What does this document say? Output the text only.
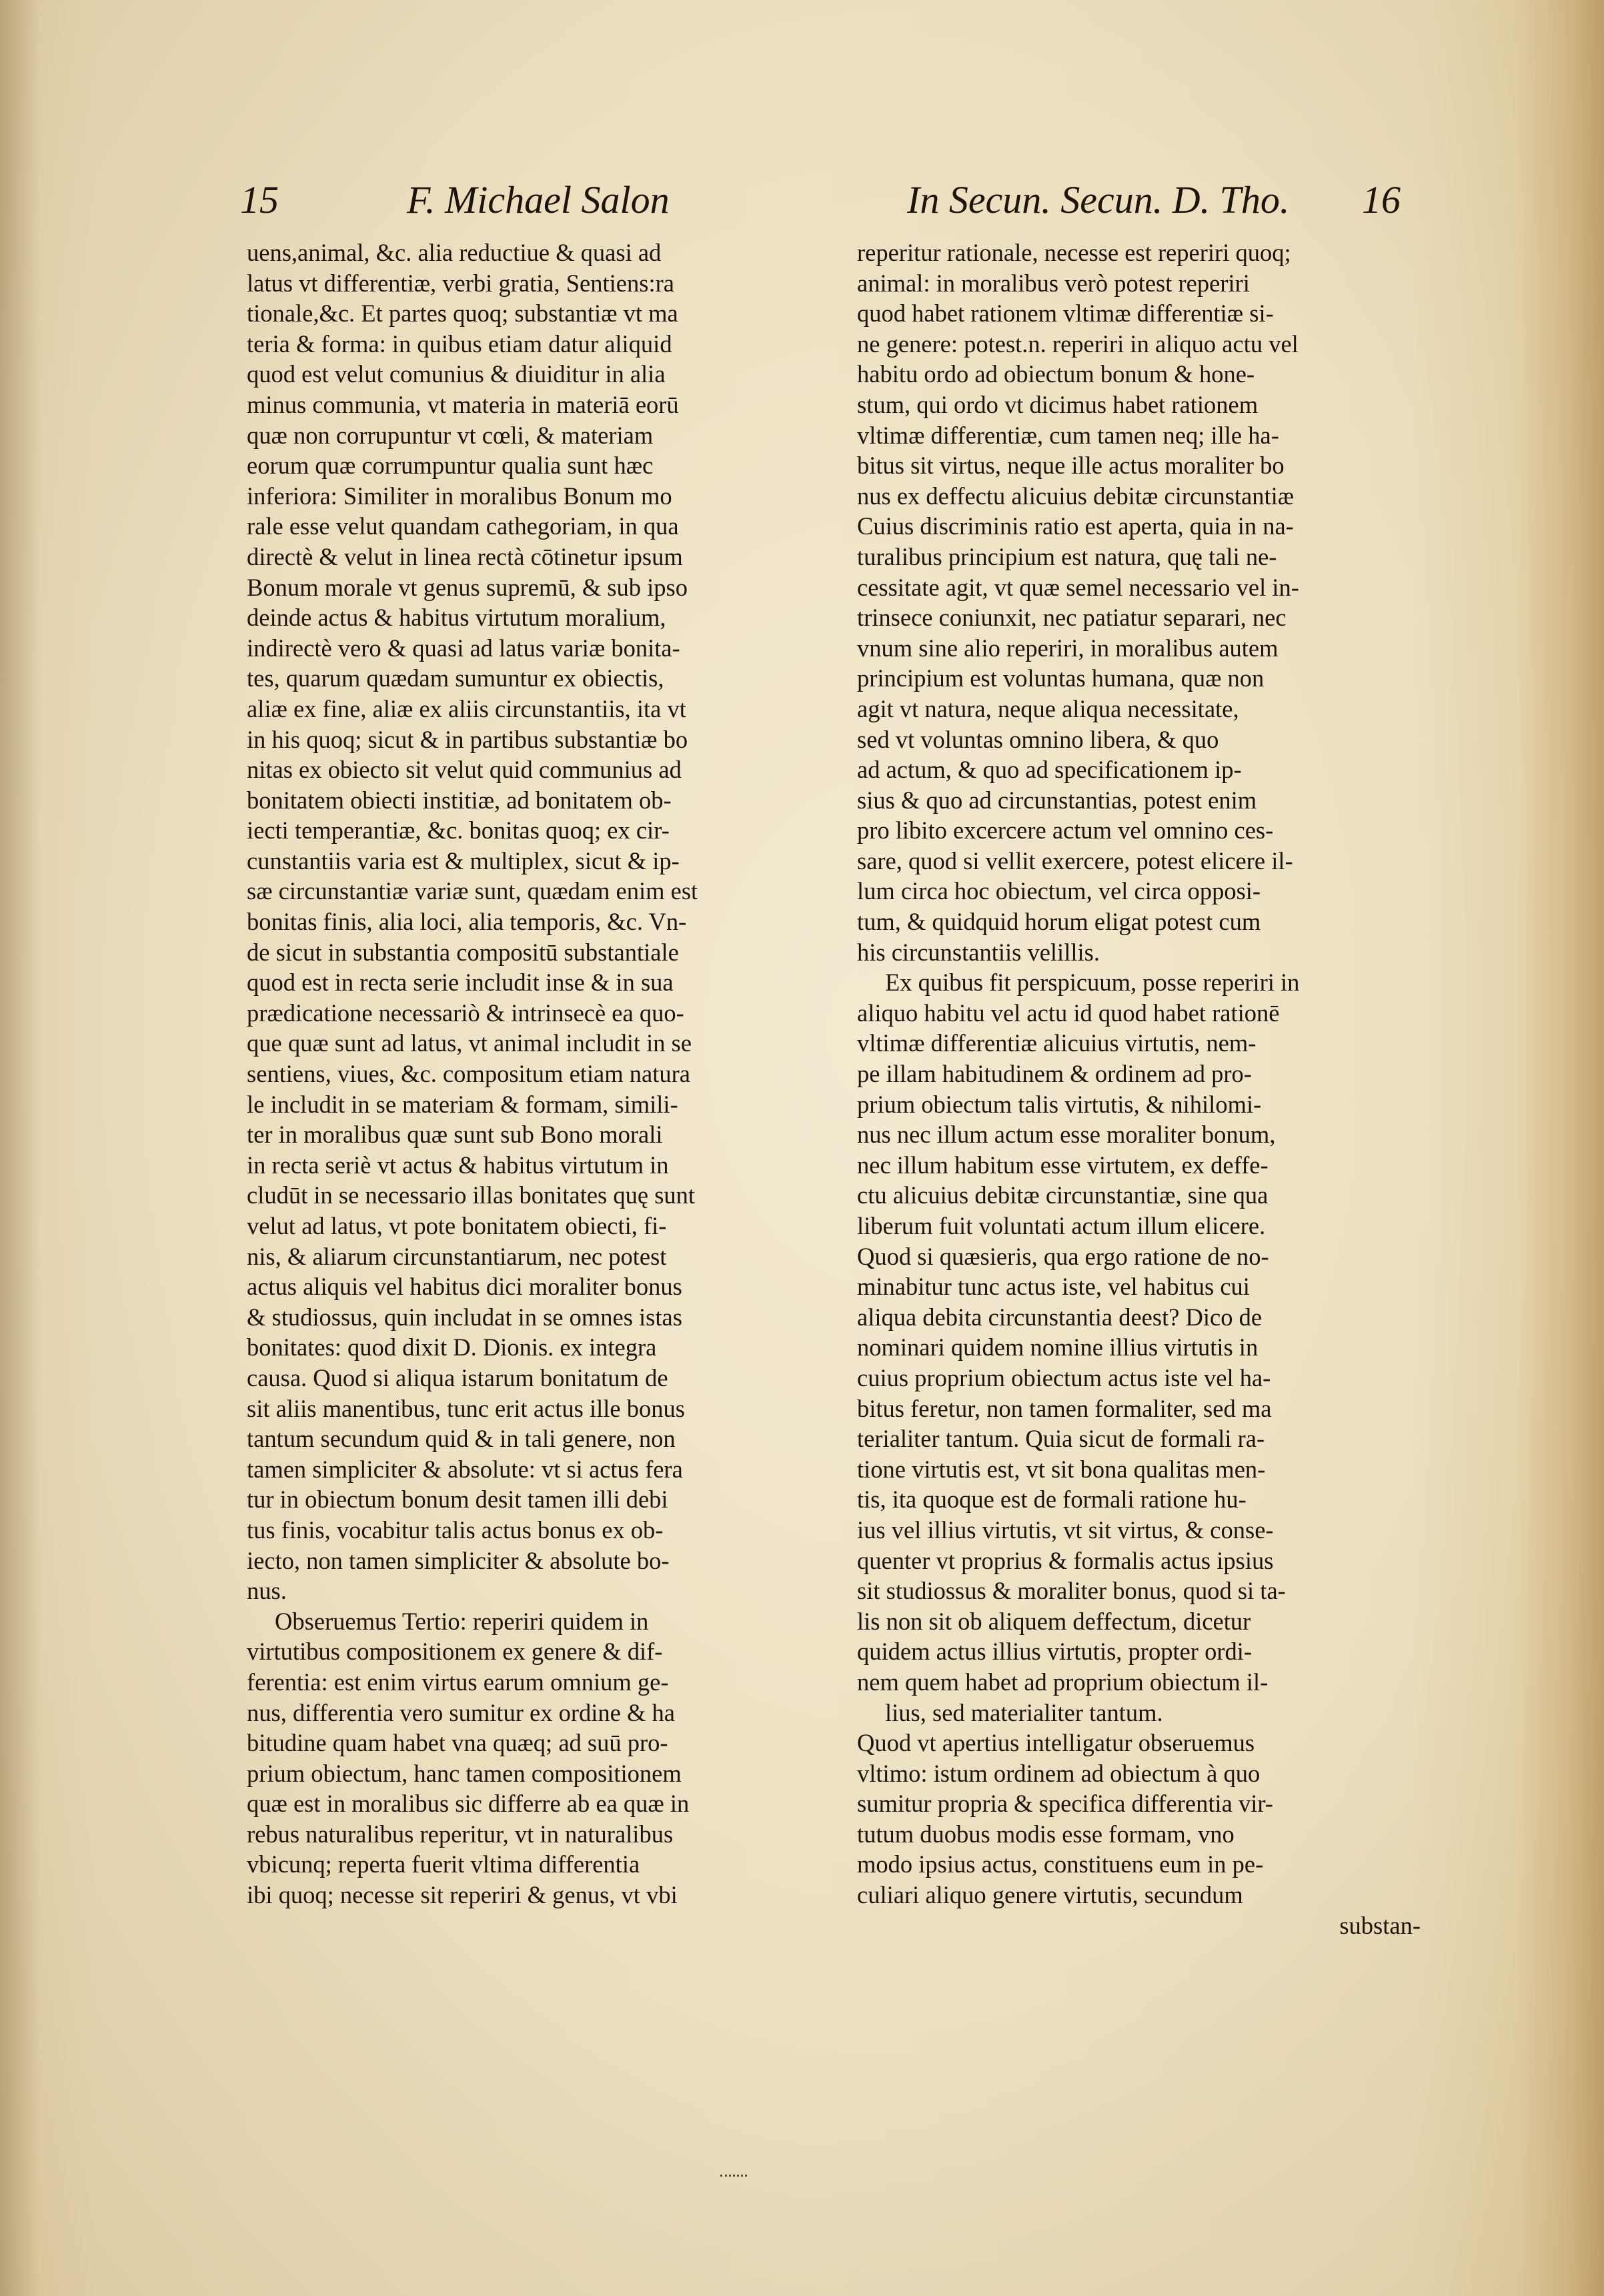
15	F. Michael Salon	In Secun. Secun. D. Tho. 16
uens,animal, &c. alia reductiue & quasi ad
latus vt differentiæ, verbi gratia, Sentiens:ra
tionale,&c. Et partes quoq; substantiæ vt ma
teria & forma: in quibus etiam datur aliquid
quod est velut comunius & diuiditur in alia
minus communia, vt materia in materiā eorū
quæ non corrupuntur vt cœli, & materiam
eorum quæ corrumpuntur qualia sunt hæc
inferiora: Similiter in moralibus Bonum mo
rale esse velut quandam cathegoriam, in qua
directè & velut in linea rectà cōtinetur ipsum
Bonum morale vt genus supremū, & sub ipso
deinde actus & habitus virtutum moralium,
indirectè vero & quasi ad latus variæ bonita-
tes, quarum quædam sumuntur ex obiectis,
aliæ ex fine, aliæ ex aliis circunstantiis, ita vt
in his quoq; sicut & in partibus substantiæ bo
nitas ex obiecto sit velut quid communius ad
bonitatem obiecti institiæ, ad bonitatem ob-
iecti temperantiæ, &c. bonitas quoq; ex cir-
cunstantiis varia est & multiplex, sicut & ip-
sæ circunstantiæ variæ sunt, quædam enim est
bonitas finis, alia loci, alia temporis, &c. Vn-
de sicut in substantia compositū substantiale
quod est in recta serie includit inse & in sua
prædicatione necessariò & intrinsecè ea quo-
que quæ sunt ad latus, vt animal includit in se
sentiens, viues, &c. compositum etiam natura
le includit in se materiam & formam, simili-
ter in moralibus quæ sunt sub Bono morali
in recta seriè vt actus & habitus virtutum in
cludūt in se necessario illas bonitates quę sunt
velut ad latus, vt pote bonitatem obiecti, fi-
nis, & aliarum circunstantiarum, nec potest
actus aliquis vel habitus dici moraliter bonus
& studiossus, quin includat in se omnes istas
bonitates: quod dixit D. Dionis. ex integra
causa. Quod si aliqua istarum bonitatum de
sit aliis manentibus, tunc erit actus ille bonus
tantum secundum quid & in tali genere, non
tamen simpliciter & absolute: vt si actus fera
tur in obiectum bonum desit tamen illi debi
tus finis, vocabitur talis actus bonus ex ob-
iecto, non tamen simpliciter & absolute bo-
nus.
Obseruemus Tertio: reperiri quidem in
virtutibus compositionem ex genere & dif-
ferentia: est enim virtus earum omnium ge-
nus, differentia vero sumitur ex ordine & ha
bitudine quam habet vna quæq; ad suū pro-
prium obiectum, hanc tamen compositionem
quæ est in moralibus sic differre ab ea quæ in
rebus naturalibus reperitur, vt in naturalibus
vbicunq; reperta fuerit vltima differentia
ibi quoq; necesse sit reperiri & genus, vt vbi
reperitur rationale, necesse est reperiri quoq;
animal: in moralibus verò potest reperiri
quod habet rationem vltimæ differentiæ si-
ne genere: potest.n. reperiri in aliquo actu vel
habitu ordo ad obiectum bonum & hone-
stum, qui ordo vt dicimus habet rationem
vltimæ differentiæ, cum tamen neq; ille ha-
bitus sit virtus, neque ille actus moraliter bo
nus ex deffectu alicuius debitæ circunstantiæ
Cuius discriminis ratio est aperta, quia in na-
turalibus principium est natura, quę tali ne-
cessitate agit, vt quæ semel necessario vel in-
trinsece coniunxit, nec patiatur separari, nec
vnum sine alio reperiri, in moralibus autem
principium est voluntas humana, quæ non
agit vt natura, neque aliqua necessitate,
sed vt voluntas omnino libera, & quo
ad actum, & quo ad specificationem ip-
sius & quo ad circunstantias, potest enim
pro libito excercere actum vel omnino ces-
sare, quod si vellit exercere, potest elicere il-
lum circa hoc obiectum, vel circa opposi-
tum, & quidquid horum eligat potest cum
his circunstantiis velillis.
Ex quibus fit perspicuum, posse reperiri in
aliquo habitu vel actu id quod habet rationē
vltimæ differentiæ alicuius virtutis, nem-
pe illam habitudinem & ordinem ad pro-
prium obiectum talis virtutis, & nihilomi-
nus nec illum actum esse moraliter bonum,
nec illum habitum esse virtutem, ex deffe-
ctu alicuius debitæ circunstantiæ, sine qua
liberum fuit voluntati actum illum elicere.
Quod si quæsieris, qua ergo ratione de no-
minabitur tunc actus iste, vel habitus cui
aliqua debita circunstantia deest? Dico de
nominari quidem nomine illius virtutis in
cuius proprium obiectum actus iste vel ha-
bitus feretur, non tamen formaliter, sed ma
terialiter tantum. Quia sicut de formali ra-
tione virtutis est, vt sit bona qualitas men-
tis, ita quoque est de formali ratione hu-
ius vel illius virtutis, vt sit virtus, & conse-
quenter vt proprius & formalis actus ipsius
sit studiossus & moraliter bonus, quod si ta-
lis non sit ob aliquem deffectum, dicetur
quidem actus illius virtutis, propter ordi-
nem quem habet ad proprium obiectum il-
lius, sed materialiter tantum.
Quod vt apertius intelligatur obseruemus
vltimo: istum ordinem ad obiectum à quo
sumitur propria & specifica differentia vir-
tutum duobus modis esse formam, vno
modo ipsius actus, constituens eum in pe-
culiari aliquo genere virtutis, secundum
substan-
